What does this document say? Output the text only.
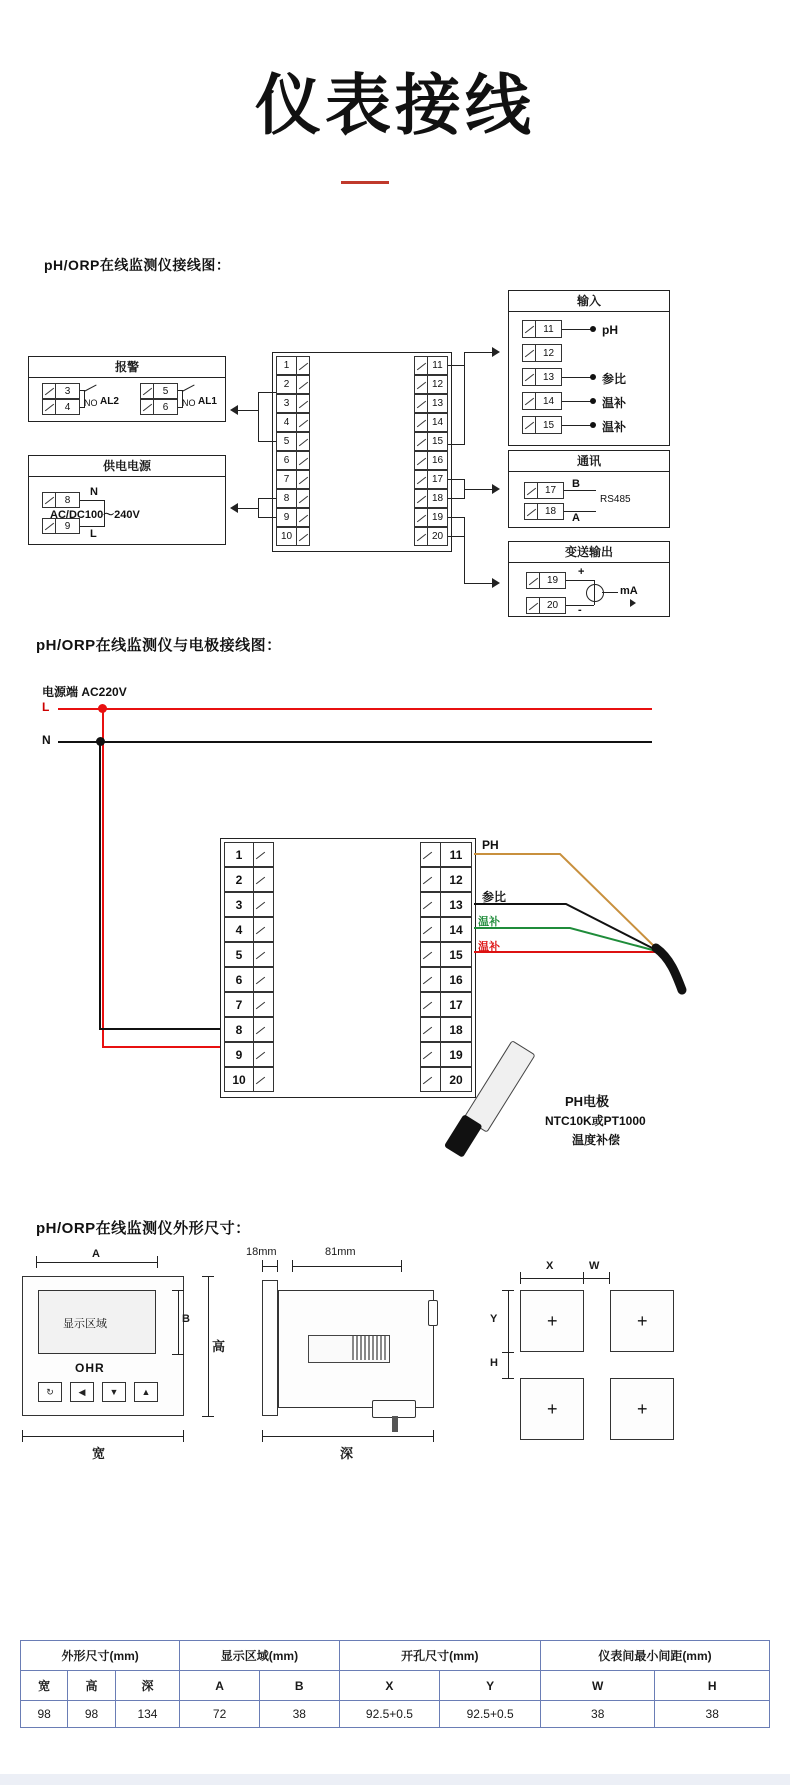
仪表接线
pH/ORP在线监测仪接线图：
报警
3
4
5
6
NO AL2	NO AL1
供电电源
8
9
N
L
AC/DC100～240V
1
2
3
4
5
6
7
8
9
10
11
12
13
14
15
16
17
18
19
20
输入
11	pH
12
13	参比
14	温补
15	温补
通讯
17
18
B
A
RS485
变送输出
19
20
+
-
mA
pH/ORP在线监测仪与电极接线图：
电源端 AC220V
L
N
1
2
3
4
5
6
7
8
9
10
11
12
13
14
15
16
17
18
19
20
PH
参比
温补
温补
PH电极
NTC10K或PT1000
温度补偿
pH/ORP在线监测仪外形尺寸：
显示区域
OHR
↻	◀	▼	▲
A
B
高
宽
18mm	81mm
深
+	+
+	+
X	W
Y
H
外形尺寸(mm)			显示区域(mm)		开孔尺寸(mm)		仪表间最小间距(mm)	
宽	高	深	A	B	X	Y	W	H
98	98	134	72	38	92.5+0.5	92.5+0.5	38	38
